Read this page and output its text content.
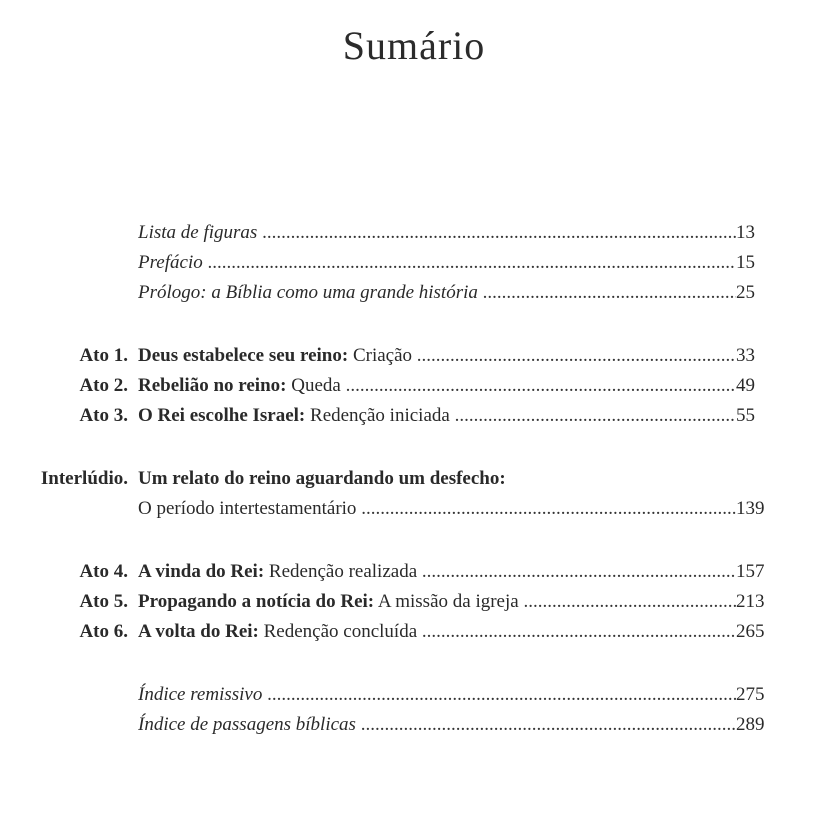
Sumário
Lista de figuras .....	13
Prefácio .....	15
Prólogo: a Bíblia como uma grande história .....	25
Ato 1. Deus estabelece seu reino: Criação .....	33
Ato 2. Rebelião no reino: Queda .....	49
Ato 3. O Rei escolhe Israel: Redenção iniciada .....	55
Interlúdio. Um relato do reino aguardando um desfecho:
O período intertestamentário .....	139
Ato 4. A vinda do Rei: Redenção realizada .....	157
Ato 5. Propagando a notícia do Rei: A missão da igreja .....	213
Ato 6. A volta do Rei: Redenção concluída .....	265
Índice remissivo .....	275
Índice de passagens bíblicas .....	289
